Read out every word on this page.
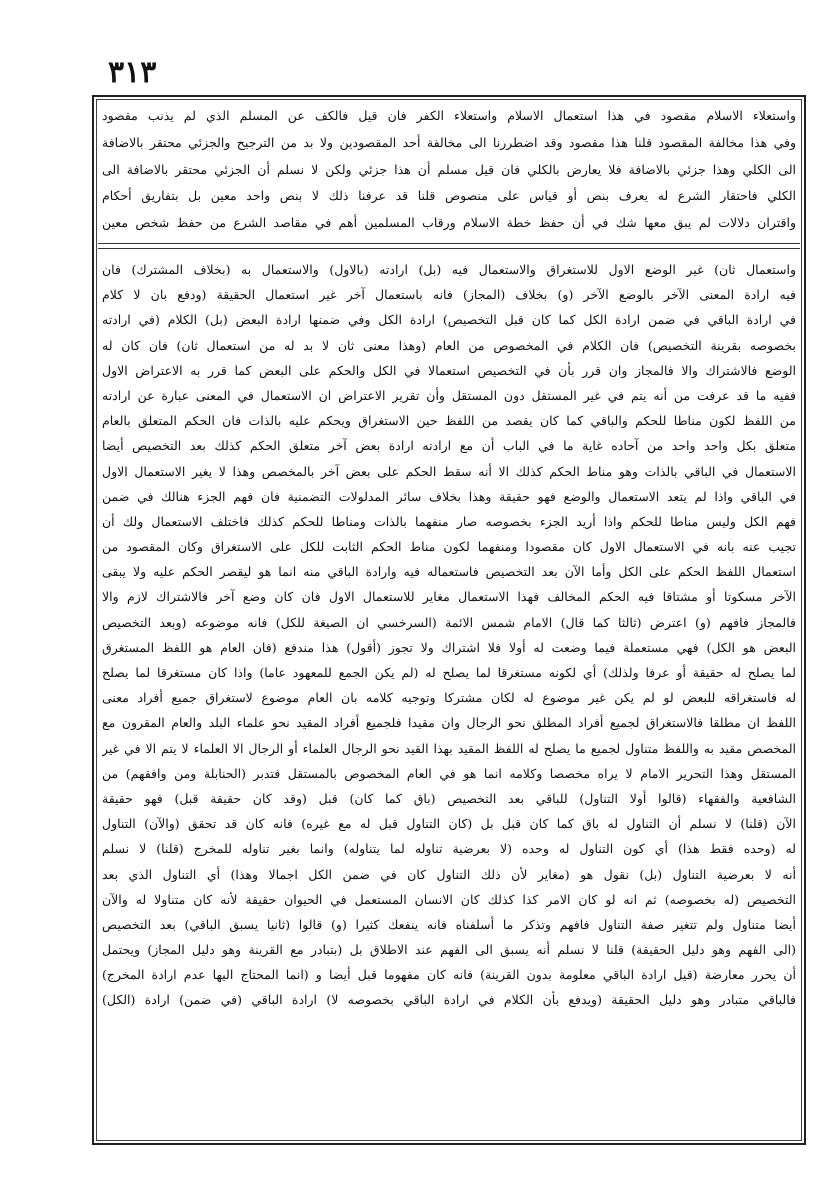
٣١٣
واستعلاء الاسلام مقصود في هذا استعمال الاسلام واستعلاء الكفر فان قيل فالكف عن المسلم الذي لم يذنب مقصود
وفي هذا مخالفة المقصود قلنا هذا مقصود وقد اضطررنا الى مخالفة أحد المقصودين ولا بد من الترجيح والجزئي محتقر بالاضافة
الى الكلي وهذا جزئي بالاضافة فلا يعارض بالكلي فان قيل مسلم أن هذا جزئي ولكن لا نسلم أن الجزئي محتقر بالاضافة الى
الكلي فاحتقار الشرع له يعرف بنص أو قياس على منصوص قلنا قد عرفنا ذلك لا بنص واحد معين بل بتفاريق أحكام
واقتران دلالات لم يبق معها شك في أن حفظ خطة الاسلام ورقاب المسلمين أهم في مقاصد الشرع من حفظ شخص معين
واستعمال ثان) غير الوضع الاول للاستغراق والاستعمال فيه (بل) ارادته (بالاول) والاستعمال به (بخلاف المشترك) فان
فيه ارادة المعنى الآخر بالوضع الآخر (و) بخلاف (المجاز) فانه باستعمال آخر غير استعمال الحقيقة (ودفع بان لا كلام
في ارادة الباقي في ضمن ارادة الكل كما كان قبل التخصيص) ارادة الكل وفي ضمنها ارادة البعض (بل) الكلام (في ارادته
بخصوصه بقرينة التخصيص) فان الكلام في المخصوص من العام (وهذا معنى ثان لا بد له من استعمال ثان) فان كان له
الوضع فالاشتراك والا فالمجاز وان قرر بأن في التخصيص استعمالا في الكل والحكم على البعض كما قرر به الاعتراض الاول
ففيه ما قد عرفت من أنه يتم في غير المستقل دون المستقل وأن تقرير الاعتراض ان الاستعمال في المعنى عبارة عن ارادته
من اللفظ لكون مناطا للحكم والباقي كما كان يقصد من اللفظ حين الاستغراق ويحكم عليه بالذات فان الحكم المتعلق بالعام
متعلق بكل واحد واحد من آحاده غاية ما في الباب أن مع ارادته ارادة بعض آخر متعلق الحكم كذلك بعد التخصيص أيضا
الاستعمال في الباقي بالذات وهو مناط الحكم كذلك الا أنه سقط الحكم على بعض آخر بالمخصص وهذا لا يغير الاستعمال الاول
في الباقي واذا لم يتعد الاستعمال والوضع فهو حقيقة وهذا بخلاف سائر المدلولات التضمنية فان فهم الجزء هنالك في ضمن
فهم الكل وليس مناطا للحكم واذا أريد الجزء بخصوصه صار منفهما بالذات ومناطا للحكم كذلك فاختلف الاستعمال ولك أن
تجيب عنه بانه في الاستعمال الاول كان مقصودا ومنفهما لكون مناط الحكم الثابت للكل على الاستغراق وكان المقصود من
استعمال اللفظ الحكم على الكل وأما الآن بعد التخصيص فاستعماله فيه وارادة الباقي منه انما هو ليقصر الحكم عليه ولا يبقى
الآخر مسكوتا أو مشتاقا فيه الحكم المخالف فهذا الاستعمال مغاير للاستعمال الاول فان كان وضع آخر فالاشتراك لازم والا
فالمجاز فافهم (و) اعترض (ثالثا كما قال) الامام شمس الائمة (السرخسي ان الصيغة للكل) فانه موضوعه (وبعد التخصيص
البعض هو الكل) فهي مستعملة فيما وضعت له أولا فلا اشتراك ولا تجوز (أقول) هذا مندفع (فان العام هو اللفظ المستغرق
لما يصلح له حقيقة أو عرفا ولذلك) أي لكونه مستغرقا لما يصلح له (لم يكن الجمع للمعهود عاما) واذا كان مستغرقا لما يصلح
له فاستغراقه للبعض لو لم يكن غير موضوع له لكان مشتركا وتوجيه كلامه بان العام موضوع لاستغراق جميع أفراد معنى
اللفظ ان مطلقا فالاستغراق لجميع أفراد المطلق نحو الرجال وان مقيدا فلجميع أفراد المقيد نحو علماء البلد والعام المقرون مع
المخصص مقيد به واللفظ متناول لجميع ما يصلح له اللفظ المقيد بهذا القيد نحو الرجال العلماء أو الرجال الا العلماء لا يتم الا في غير
المستقل وهذا التحرير الامام لا يراه مخصصا وكلامه انما هو في العام المخصوص بالمستقل فتدبر (الحنابلة ومن وافقهم) من
الشافعية والفقهاء (قالوا أولا التناول) للباقي بعد التخصيص (باق كما كان) قبل (وقد كان حقيقة قبل) فهو حقيقة
الآن (قلنا) لا نسلم أن التناول له باق كما كان قبل بل (كان التناول قبل له مع غيره) فانه كان قد تحقق (والآن) التناول
له (وحده فقط هذا) أي كون التناول له وحده (لا بعرضية تناوله لما يتناوله) وانما بغير تناوله للمخرج (قلنا) لا نسلم
أنه لا بعرضية التناول (بل) نقول هو (مغاير لأن ذلك التناول كان في ضمن الكل اجمالا وهذا) أي التناول الذي بعد
التخصيص (له بخصوصه) ثم انه لو كان الامر كذا كذلك كان الانسان المستعمل في الحيوان حقيقة لأنه كان متناولا له والآن
أيضا متناول ولم تتغير صفة التناول فافهم وتذكر ما أسلفناه فانه ينفعك كثيرا (و) قالوا (ثانيا يسبق الباقي) بعد التخصيص
(الى الفهم وهو دليل الحقيقة) قلنا لا نسلم أنه يسبق الى الفهم عند الاطلاق بل (بتبادر مع القرينة وهو دليل المجاز) ويحتمل
أن يحرر معارضة (قيل ارادة الباقي معلومة بدون القرينة) فانه كان مفهوما قبل أيضا و (انما المحتاج اليها عدم ارادة المخرج)
فالباقي متبادر وهو دليل الحقيقة (ويدفع بأن الكلام في ارادة الباقي بخصوصه لا) ارادة الباقي (في ضمن) ارادة (الكل)
